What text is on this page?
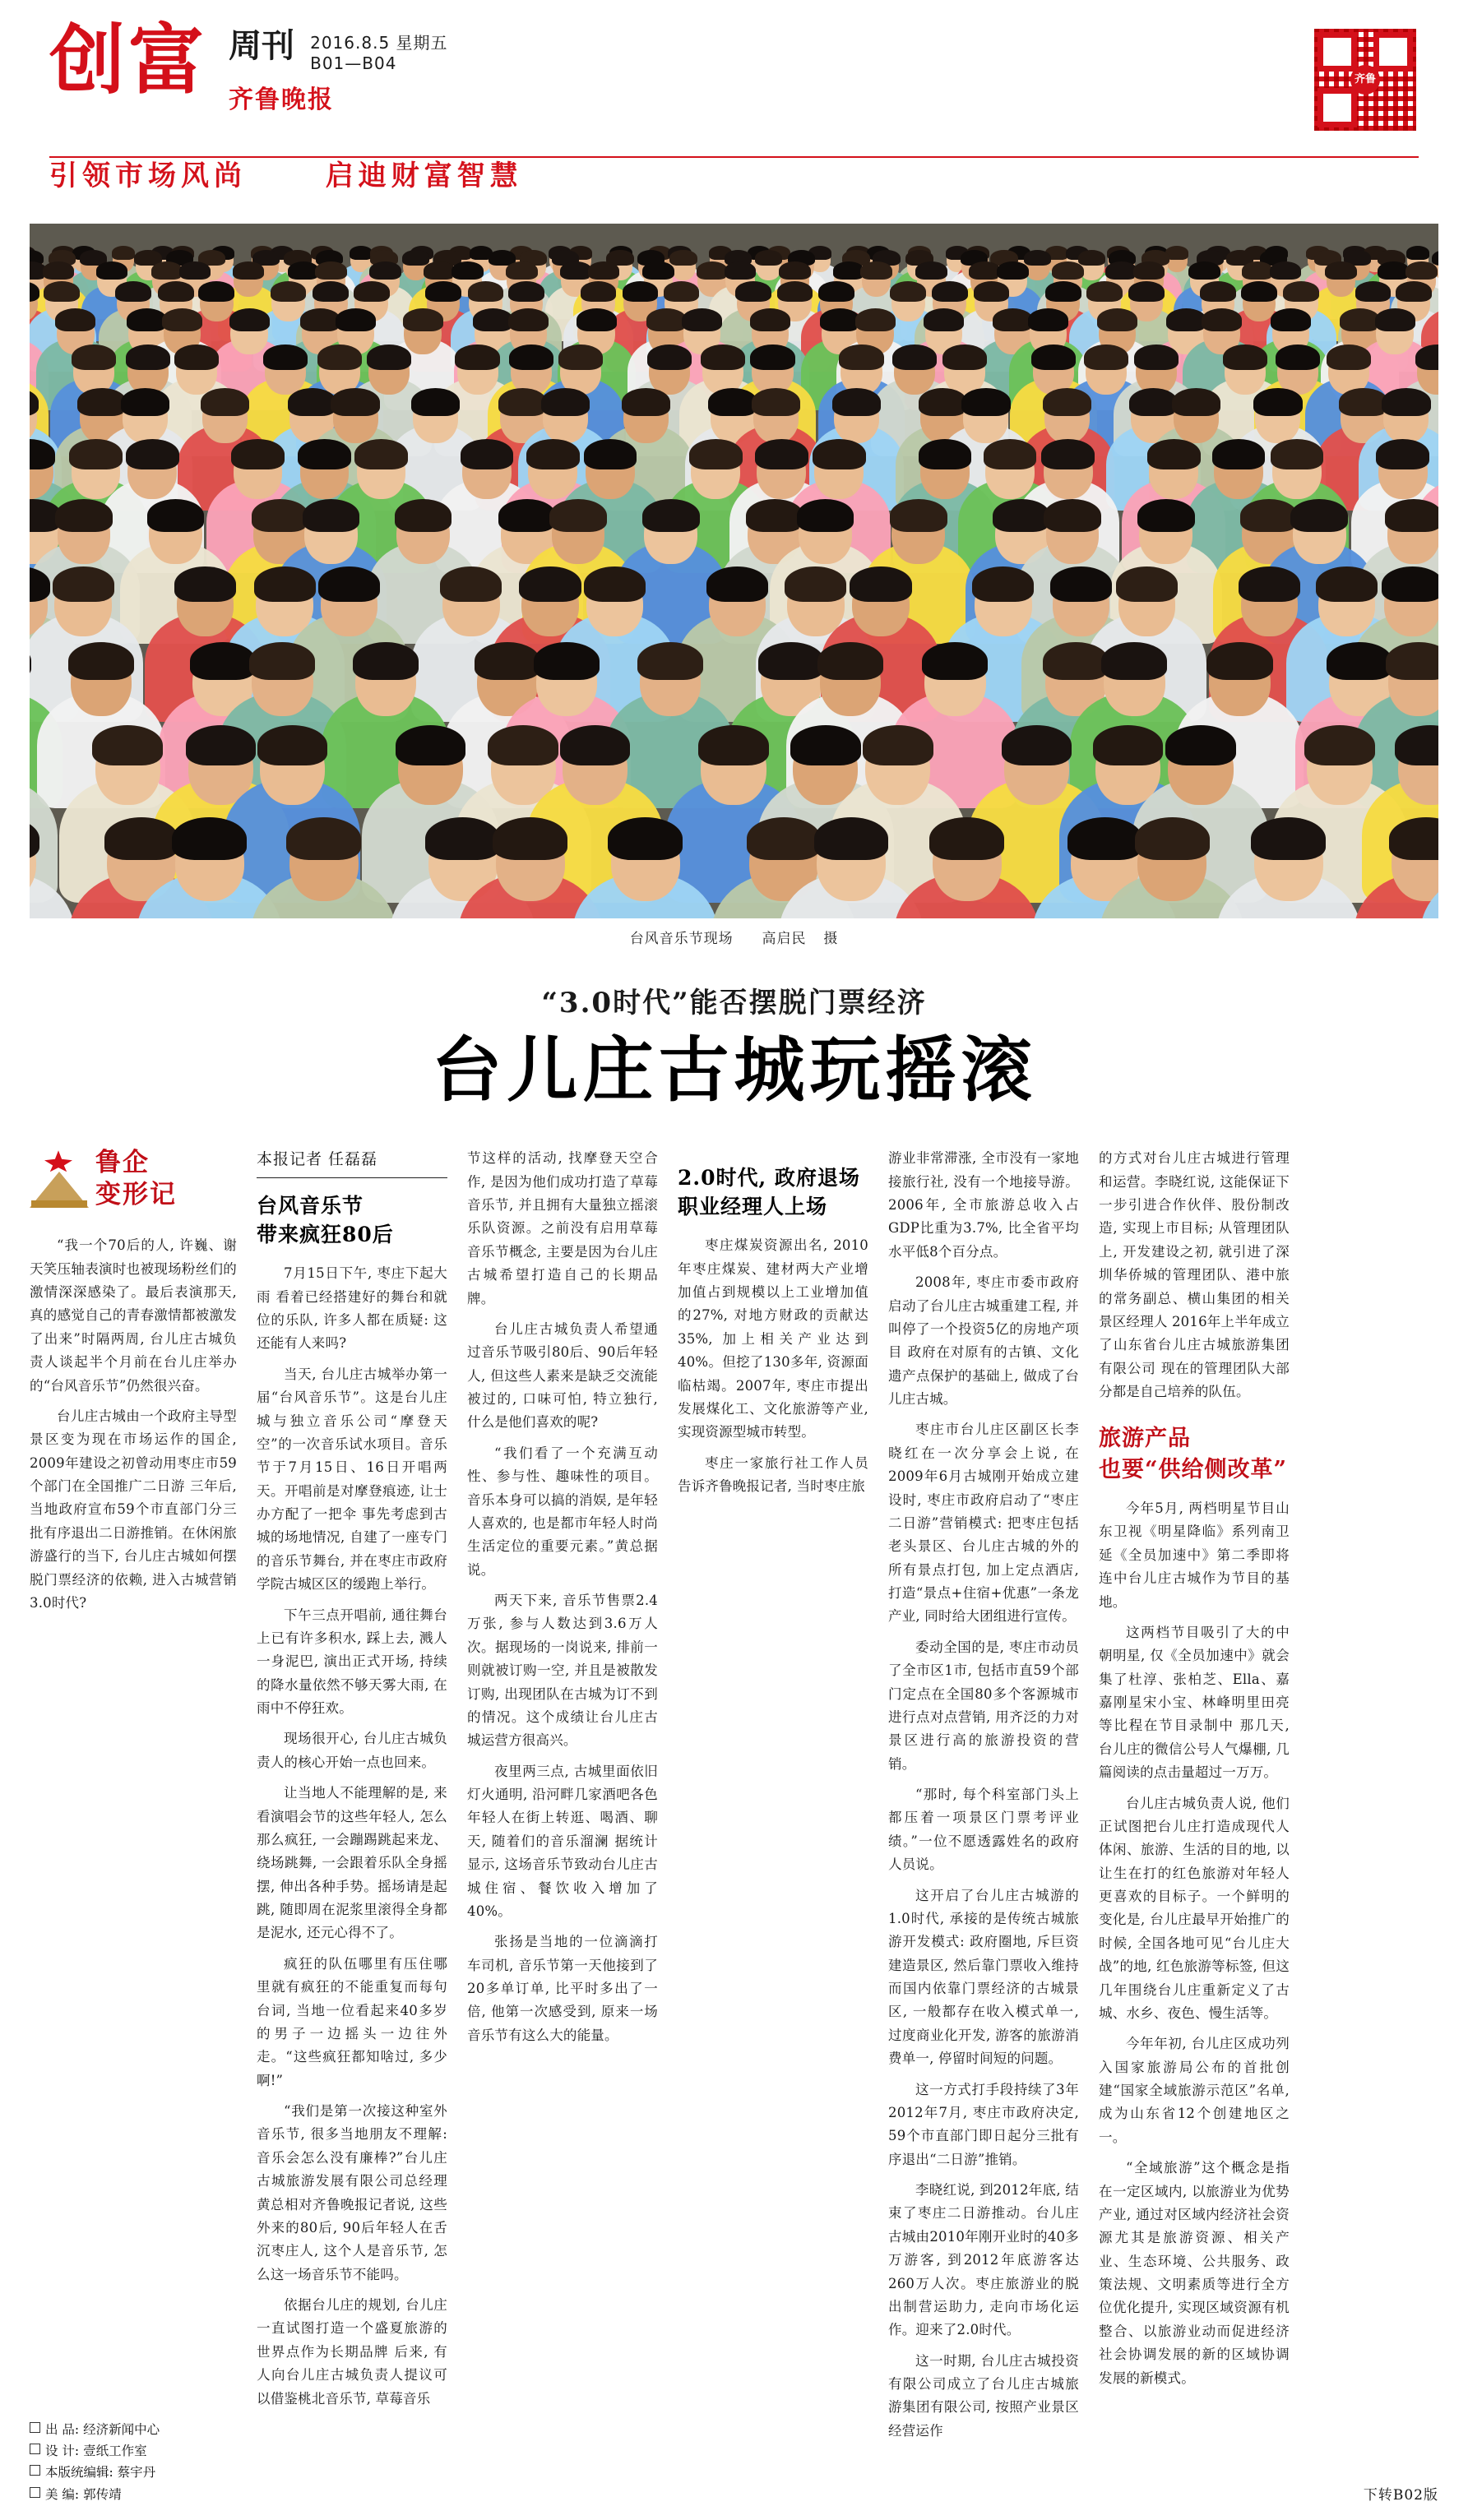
创富 周刊 2016.8.5 星期五
B01—B04
齐鲁晚报
齐鲁
引领市场风尚	启迪财富智慧
台风音乐节现场 高启民 摄
“3.0时代”能否摆脱门票经济
台儿庄古城玩摇滚
鲁企
变形记

“我一个70后的人, 许巍、谢天笑压轴表演时也被现场粉丝们的激情深深感染了。最后表演那天, 真的感觉自己的青春激情都被激发了出来”时隔两周, 台儿庄古城负责人谈起半个月前在台儿庄举办的“台风音乐节”仍然很兴奋。

台儿庄古城由一个政府主导型景区变为现在市场运作的国企, 2009年建设之初曾动用枣庄市59个部门在全国推广二日游 三年后, 当地政府宣布59个市直部门分三批有序退出二日游推销。在休闲旅游盛行的当下, 台儿庄古城如何摆脱门票经济的依赖, 进入古城营销3.0时代?

本报记者 任磊磊
台风音乐节
带来疯狂80后

7月15日下午, 枣庄下起大雨 看着已经搭建好的舞台和就位的乐队, 许多人都在质疑: 这还能有人来吗?

当天, 台儿庄古城举办第一届“台风音乐节”。这是台儿庄城与独立音乐公司“摩登天空”的一次音乐试水项目。音乐节于7月15日、16日开唱两天。开唱前是对摩登痕迹, 让士办方配了一把伞 事先考虑到古城的场地情况, 自建了一座专门的音乐节舞台, 并在枣庄市政府学院古城区区的缓跑上举行。

下午三点开唱前, 通往舞台上已有许多积水, 踩上去, 溅人一身泥巴, 演出正式开场, 持续的降水量依然不够天雾大雨, 在雨中不停狂欢。

现场很开心, 台儿庄古城负责人的核心开始一点也回来。

让当地人不能理解的是, 来看演唱会节的这些年轻人, 怎么那么疯狂, 一会蹦踢跳起来龙、绕场跳舞, 一会跟着乐队全身摇摆, 伸出各种手势。摇场请是起跳, 随即周在泥浆里滚得全身都是泥水, 还元心得不了。

疯狂的队伍哪里有压住哪里就有疯狂的不能重复而每句台词, 当地一位看起来40多岁的男子一边摇头一边往外走。“这些疯狂都知啥过, 多少啊!”

“我们是第一次接这种室外音乐节, 很多当地朋友不理解: 音乐会怎么没有廉棒?”台儿庄古城旅游发展有限公司总经理黄总相对齐鲁晚报记者说, 这些外来的80后, 90后年轻人在舌沉枣庄人, 这个人是音乐节, 怎么这一场音乐节不能吗。

依据台儿庄的规划, 台儿庄一直试图打造一个盛夏旅游的世界点作为长期品牌 后来, 有人向台儿庄古城负责人提议可以借鉴桃北音乐节, 草莓音乐

节这样的活动, 找摩登天空合作, 是因为他们成功打造了草莓音乐节, 并且拥有大量独立摇滚乐队资源。之前没有启用草莓音乐节概念, 主要是因为台儿庄古城希望打造自己的长期品牌。

台儿庄古城负责人希望通过音乐节吸引80后、90后年轻人, 但这些人素来是缺乏交流能被过的, 口味可怕, 特立独行, 什么是他们喜欢的呢?

“我们看了一个充满互动性、参与性、趣味性的项目。音乐本身可以搞的消娱, 是年轻人喜欢的, 也是都市年轻人时尚生活定位的重要元素。”黄总据说。

两天下来, 音乐节售票2.4万张, 参与人数达到3.6万人次。据现场的一岗说来, 排前一则就被订购一空, 并且是被散发订购, 出现团队在古城为订不到的情况。这个成绩让台儿庄古城运营方很高兴。

夜里两三点, 古城里面依旧灯火通明, 沿河畔几家酒吧各色年轻人在街上转逛、喝酒、聊天, 随着们的音乐溜澜 据统计显示, 这场音乐节致动台儿庄古城住宿、餐饮收入增加了40%。

张扬是当地的一位滴滴打车司机, 音乐节第一天他接到了20多单订单, 比平时多出了一倍, 他第一次感受到, 原来一场音乐节有这么大的能量。

2.0时代, 政府退场
职业经理人上场

枣庄煤炭资源出名, 2010年枣庄煤炭、建材两大产业增加值占到规模以上工业增加值的27%, 对地方财政的贡献达35%, 加上相关产业达到40%。但挖了130多年, 资源面临枯竭。2007年, 枣庄市提出发展煤化工、文化旅游等产业, 实现资源型城市转型。

枣庄一家旅行社工作人员告诉齐鲁晚报记者, 当时枣庄旅

游业非常滞涨, 全市没有一家地接旅行社, 没有一个地接导游。2006年, 全市旅游总收入占GDP比重为3.7%, 比全省平均水平低8个百分点。

2008年, 枣庄市委市政府启动了台儿庄古城重建工程, 并叫停了一个投资5亿的房地产项目 政府在对原有的古镇、文化遗产点保护的基础上, 做成了台儿庄古城。

枣庄市台儿庄区副区长李晓红在一次分享会上说, 在2009年6月古城刚开始成立建设时, 枣庄市政府启动了“枣庄二日游”营销模式: 把枣庄包括老头景区、台儿庄古城的外的所有景点打包, 加上定点酒店, 打造“景点+住宿+优惠”一条龙产业, 同时给大团组进行宣传。

委动全国的是, 枣庄市动员了全市区1市, 包括市直59个部门定点在全国80多个客源城市进行点对点营销, 用齐泛的力对景区进行高的旅游投资的营销。

“那时, 每个科室部门头上都压着一项景区门票考评业绩。”一位不愿透露姓名的政府人员说。

这开启了台儿庄古城游的1.0时代, 承接的是传统古城旅游开发模式: 政府圈地, 斥巨资建造景区, 然后靠门票收入维持 而国内依靠门票经济的古城景区, 一般都存在收入模式单一, 过度商业化开发, 游客的旅游消费单一, 停留时间短的问题。

这一方式打手段持续了3年 2012年7月, 枣庄市政府决定, 59个市直部门即日起分三批有序退出“二日游”推销。

李晓红说, 到2012年底, 结束了枣庄二日游推动。台儿庄古城由2010年刚开业时的40多万游客, 到2012年底游客达260万人次。枣庄旅游业的脱出制营运助力, 走向市场化运作。迎来了2.0时代。

这一时期, 台儿庄古城投资有限公司成立了台儿庄古城旅游集团有限公司, 按照产业景区经营运作

的方式对台儿庄古城进行管理和运营。李晓红说, 这能保证下一步引进合作伙伴、股份制改造, 实现上市目标; 从管理团队上, 开发建设之初, 就引进了深圳华侨城的管理团队、港中旅的常务副总、横山集团的相关景区经理人 2016年上半年成立了山东省台儿庄古城旅游集团有限公司 现在的管理团队大部分都是自己培养的队伍。

旅游产品
也要“供给侧改革”

今年5月, 两档明星节目山东卫视《明星降临》系列南卫延《全员加速中》第二季即将连中台儿庄古城作为节目的基地。

这两档节目吸引了大的中朝明星, 仅《全员加速中》就会集了杜淳、张柏芝、Ella、嘉嘉刚星宋小宝、林峰明里田亮等比程在节目录制中 那几天, 台儿庄的微信公号人气爆棚, 几篇阅读的点击量超过一万万。

台儿庄古城负责人说, 他们正试图把台儿庄打造成现代人体闲、旅游、生活的目的地, 以让生在打的红色旅游对年轻人更喜欢的目标子。一个鲜明的变化是, 台儿庄最早开始推广的时候, 全国各地可见“台儿庄大战”的地, 红色旅游等标签, 但这几年围绕台儿庄重新定义了古城、水乡、夜色、慢生活等。

今年年初, 台儿庄区成功列入国家旅游局公布的首批创建“国家全域旅游示范区”名单, 成为山东省12个创建地区之一。

“全域旅游”这个概念是指在一定区域内, 以旅游业为优势产业, 通过对区域内经济社会资源尤其是旅游资源、相关产业、生态环境、公共服务、政策法规、文明素质等进行全方位优化提升, 实现区域资源有机整合、以旅游业动而促进经济社会协调发展的新的区域协调发展的新模式。

出 品: 经济新闻中心
设 计: 壹纸工作室
本版统编辑: 蔡宇丹
美 编: 郭传靖	下转B02版
